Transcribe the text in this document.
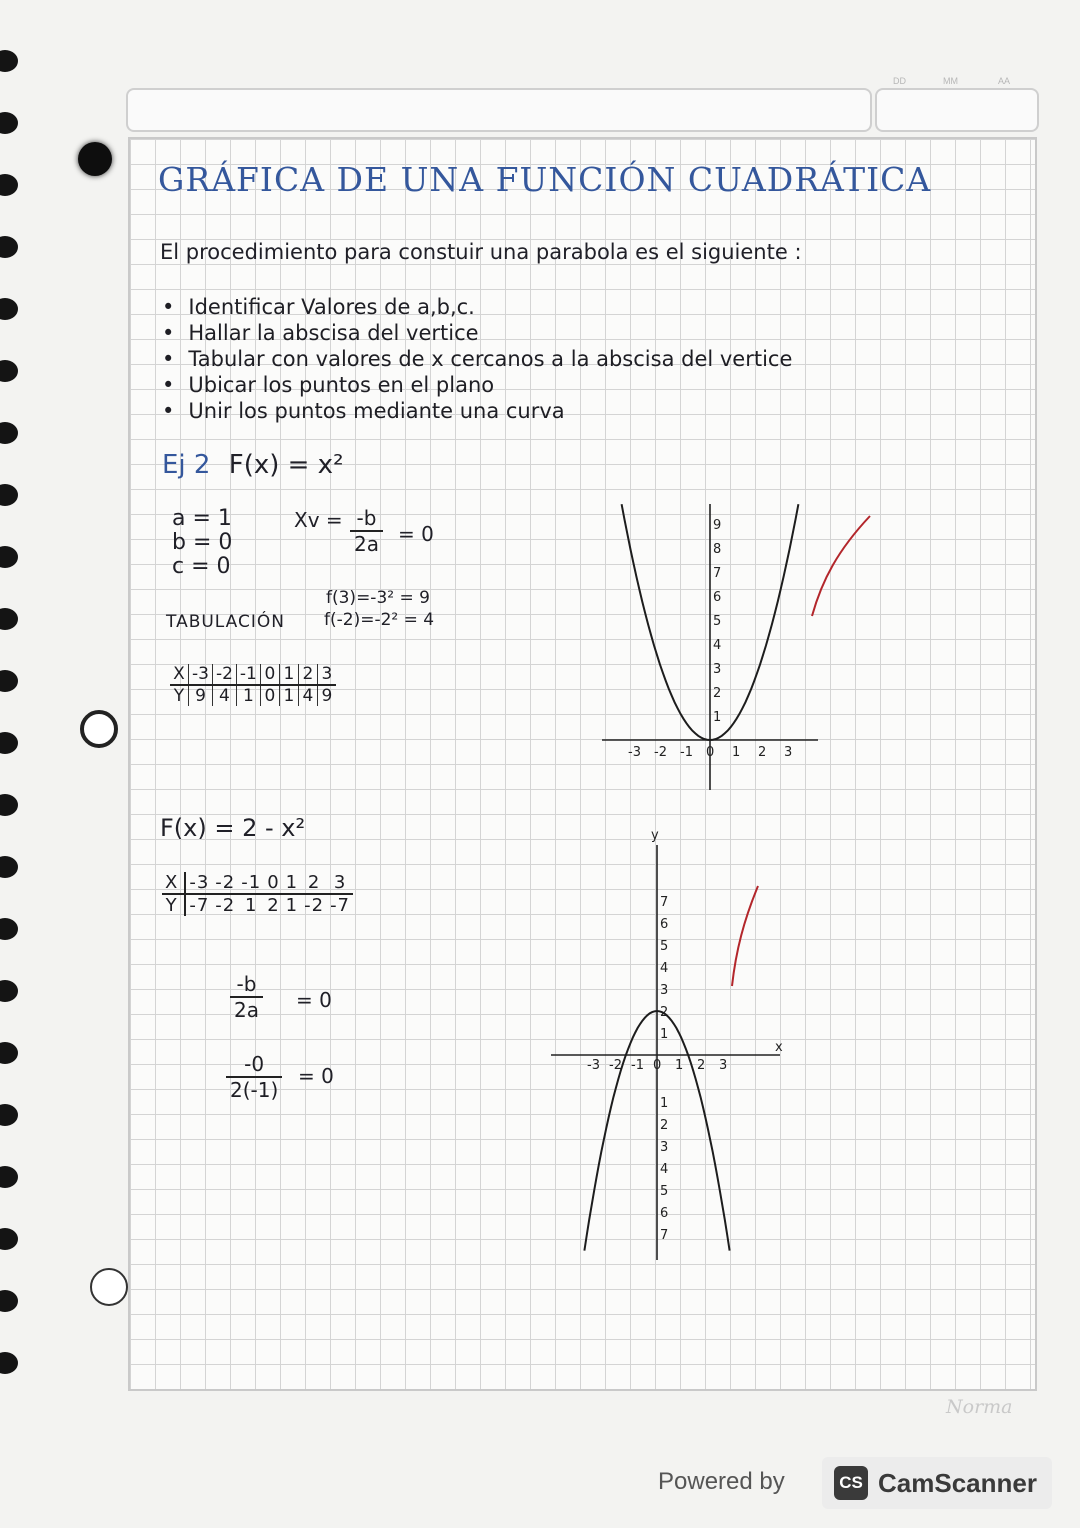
DD	MM	AA
GRÁFICA DE UNA FUNCIÓN CUADRÁTICA
El procedimiento para constuir una parabola es el siguiente :
• Identificar Valores de a,b,c.
• Hallar la abscisa del vertice
• Tabular con valores de x cercanos a la abscisa del vertice
• Ubicar los puntos en el plano
• Unir los puntos mediante una curva
Ej 2 F(x) = x²
a = 1
b = 0
c = 0
$Xv = \frac{-b}{2a} = 0$
f(3)=-3² = 9
TABULACIÓN f(-2)=-2² = 4
X	-3	-2	-1	0	1	2	3
Y	9	4	1	0	1	4	9
-3 -2 -1 0 1 2 3
1
2
3
4
5
6
7
8
9
F(x) = 2 - x²
X	-3	-2	-1	0	1	2	3
Y	-7	-2	1	2	1	-2	-7
$\frac{-b}{2a} = 0$
$\frac{-0}{2(-1)} = 0$
x
y
-3 -2 -1 0 1 2 3
1
2
3
4
5
6
7
1
2
3
4
5
6
7
Norma
Powered by	CS CamScanner
